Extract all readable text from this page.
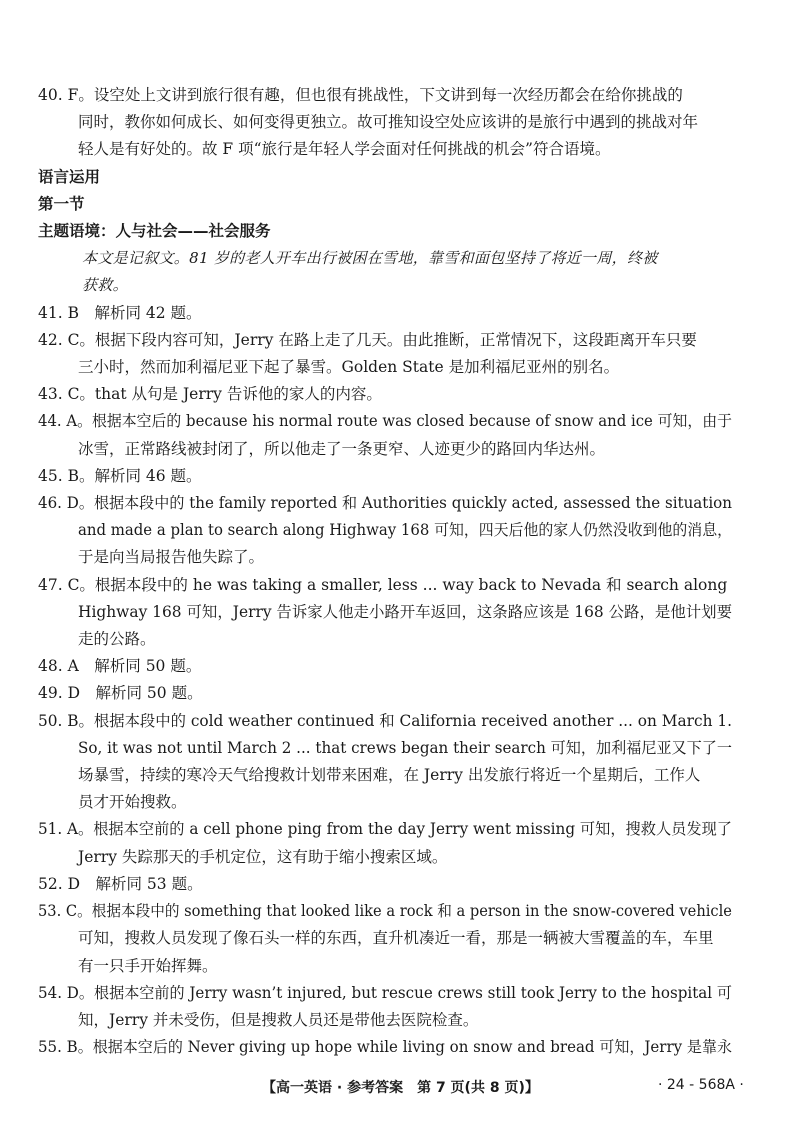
40. F。设空处上文讲到旅行很有趣，但也很有挑战性，下文讲到每一次经历都会在给你挑战的
同时，教你如何成长、如何变得更独立。故可推知设空处应该讲的是旅行中遇到的挑战对年
轻人是有好处的。故 F 项“旅行是年轻人学会面对任何挑战的机会”符合语境。
语言运用
第一节
主题语境：人与社会——社会服务
本文是记叙文。81 岁的老人开车出行被困在雪地，靠雪和面包坚持了将近一周，终被
获救。
41. B　解析同 42 题。
42. C。根据下段内容可知，Jerry 在路上走了几天。由此推断，正常情况下，这段距离开车只要
三小时，然而加利福尼亚下起了暴雪。Golden State 是加利福尼亚州的别名。
43. C。that 从句是 Jerry 告诉他的家人的内容。
44. A。根据本空后的 because his normal route was closed because of snow and ice 可知，由于
冰雪，正常路线被封闭了，所以他走了一条更窄、人迹更少的路回内华达州。
45. B。解析同 46 题。
46. D。根据本段中的 the family reported 和 Authorities quickly acted, assessed the situation
and made a plan to search along Highway 168 可知，四天后他的家人仍然没收到他的消息，
于是向当局报告他失踪了。
47. C。根据本段中的 he was taking a smaller, less ... way back to Nevada 和 search along
Highway 168 可知，Jerry 告诉家人他走小路开车返回，这条路应该是 168 公路，是他计划要
走的公路。
48. A　解析同 50 题。
49. D　解析同 50 题。
50. B。根据本段中的 cold weather continued 和 California received another ... on March 1.
So, it was not until March 2 ... that crews began their search 可知，加利福尼亚又下了一
场暴雪，持续的寒冷天气给搜救计划带来困难，在 Jerry 出发旅行将近一个星期后，工作人
员才开始搜救。
51. A。根据本空前的 a cell phone ping from the day Jerry went missing 可知，搜救人员发现了
Jerry 失踪那天的手机定位，这有助于缩小搜索区域。
52. D　解析同 53 题。
53. C。根据本段中的 something that looked like a rock 和 a person in the snow-covered vehicle
可知，搜救人员发现了像石头一样的东西，直升机凑近一看，那是一辆被大雪覆盖的车，车里
有一只手开始挥舞。
54. D。根据本空前的 Jerry wasn’t injured, but rescue crews still took Jerry to the hospital 可
知，Jerry 并未受伤，但是搜救人员还是带他去医院检查。
55. B。根据本空后的 Never giving up hope while living on snow and bread 可知，Jerry 是靠永
【高一英语 · 参考答案　第 7 页(共 8 页)】	· 24 - 568A ·
